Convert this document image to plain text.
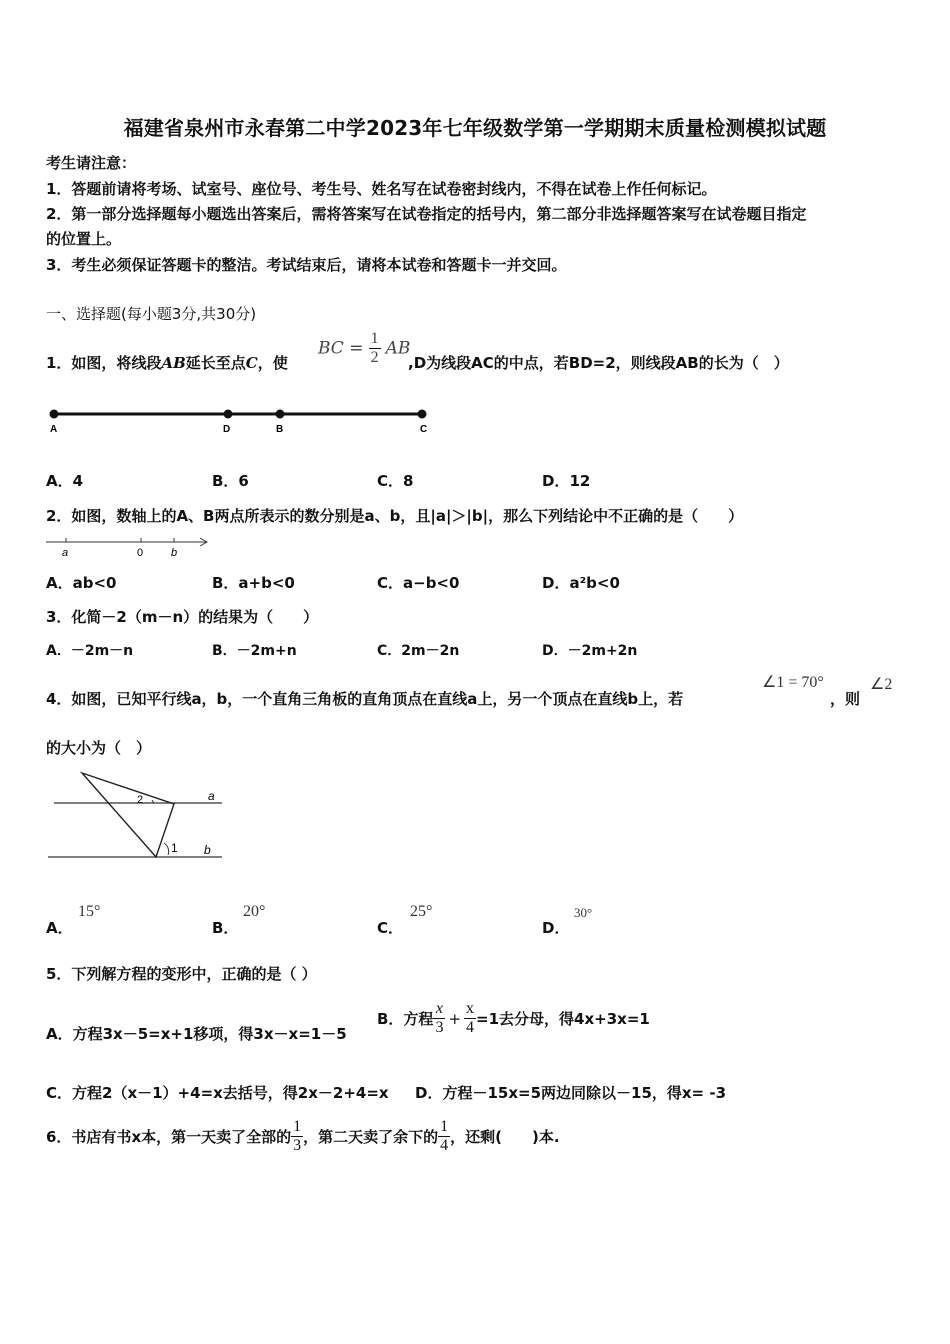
福建省泉州市永春第二中学2023年七年级数学第一学期期末质量检测模拟试题
考生请注意：
1．答题前请将考场、试室号、座位号、考生号、姓名写在试卷密封线内，不得在试卷上作任何标记。
2．第一部分选择题每小题选出答案后，需将答案写在试卷指定的括号内，第二部分非选择题答案写在试卷题目指定
的位置上。
3．考生必须保证答题卡的整洁。考试结束后，请将本试卷和答题卡一并交回。
一、选择题(每小题3分,共30分)
1．如图，将线段AB延长至点C，使
BC = $\frac{1}{2}$ AB
,D为线段AC的中点，若BD=2，则线段AB的长为（　）
A	D	B	C
A．4	B．6	C．8	D．12
2．如图，数轴上的A、B两点所表示的数分别是a、b，且|a|＞|b|，那么下列结论中不正确的是（　　）
a	0	b
A．ab<0	B．a+b<0	C．a−b<0	D．a²b<0
3．化简－2（m－n）的结果为（　　）
A．－2m－n	B．－2m+n	C．2m－2n	D．－2m+2n
4．如图，已知平行线a，b，一个直角三角板的直角顶点在直线a上，另一个顶点在直线b上，若
∠1 = 70°
，则
∠2
的大小为（　）
a
b
1
2
A．
15°
B．
20°
C．
25°
D．
30°
5．下列解方程的变形中，正确的是（ ）
A．方程3x－5=x+1移项，得3x－x=1－5
B．方程 $\frac{x}{3} + \frac{x}{4} =1$去分母，得4x+3x=1
C．方程2（x－1）+4=x去括号，得2x－2+4=x D．方程－15x=5两边同除以－15，得x= -3
6．书店有书x本，第一天卖了全部的 $\frac{1}{3}$ ，第二天卖了余下的 $\frac{1}{4}$ ，还剩(　　)本.
